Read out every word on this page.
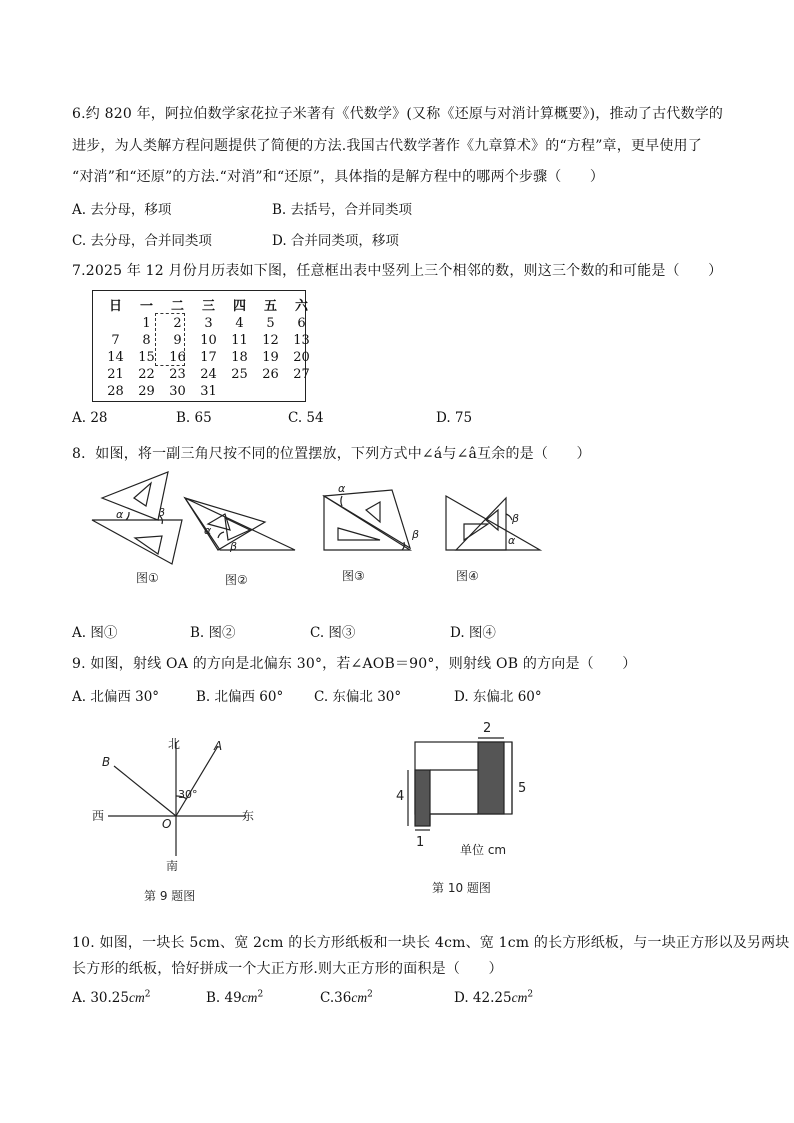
6.约 820 年，阿拉伯数学家花拉子米著有《代数学》(又称《还原与对消计算概要》)，推动了古代数学的
进步，为人类解方程问题提供了简便的方法.我国古代数学著作《九章算术》的“方程”章，更早使用了
“对消”和“还原”的方法.“对消”和“还原”，具体指的是解方程中的哪两个步骤（　　）
A. 去分母，移项	B. 去括号，合并同类项
C. 去分母，合并同类项	D. 合并同类项，移项
7.2025 年 12 月份月历表如下图，任意框出表中竖列上三个相邻的数，则这三个数的和可能是（　　）
日	一	二	三	四	五	六
	1	2	3	4	5	6
7	8	9	10	11	12	13
14	15	16	17	18	19	20
21	22	23	24	25	26	27
28	29	30	31			
A. 28	B. 65	C. 54	D. 75
8．如图，将一副三角尺按不同的位置摆放，下列方式中∠á与∠â互余的是（　　）
α	β
α
β
α
β
β
α
图①	图②	图③	图④
A. 图①	B. 图②	C. 图③	D. 图④
9. 如图，射线 OA 的方向是北偏东 30°，若∠AOB＝90°，则射线 OB 的方向是（　　）
A. 北偏西 30°	B. 北偏西 60° C. 东偏北 30°	D. 东偏北 60°
北
南
西	东
A
B
O
30°
第 9 题图
2
5
4
1	单位 cm
第 10 题图
10. 如图，一块长 5cm、宽 2cm 的长方形纸板和一块长 4cm、宽 1cm 的长方形纸板，与一块正方形以及另两块
长方形的纸板，恰好拼成一个大正方形.则大正方形的面积是（　　）
A. $30.25cm^2$	B. $49cm^2$	$C.36cm^2$	D. $42.25cm^2$
